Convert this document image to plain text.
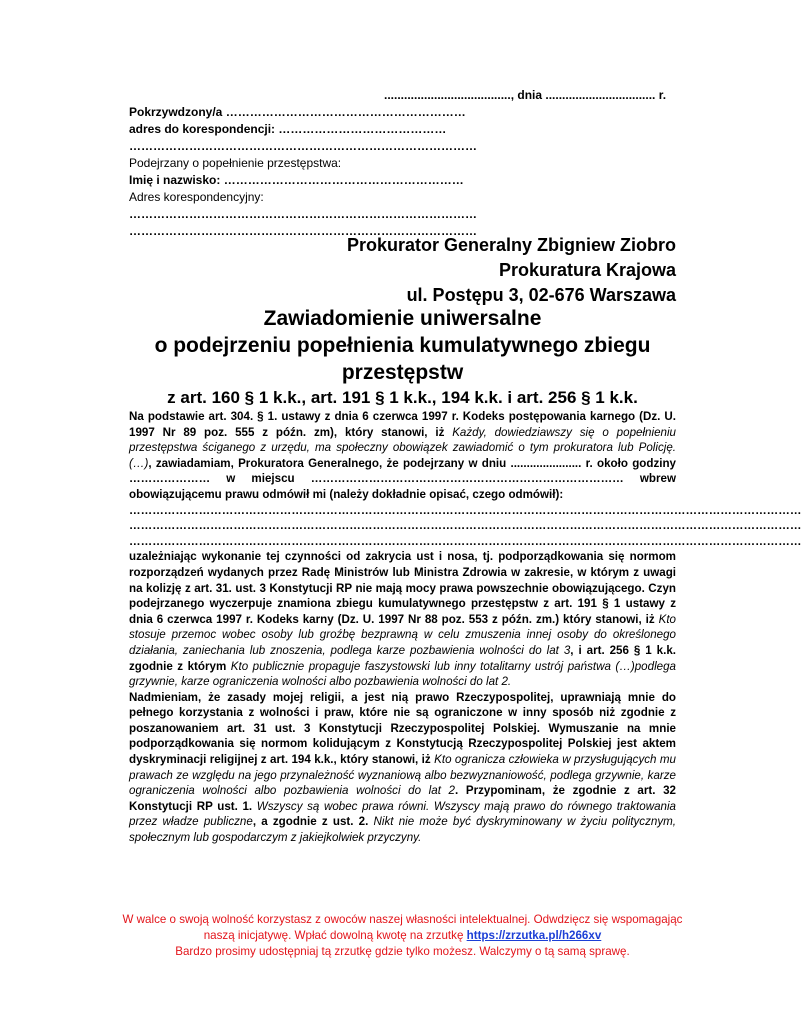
......................................, dnia ................................. r.
Pokrzywdzony/a ……………………………………………………
adres do korespondencji: ……………………………………
……………………………………………………………………………
Podejrzany o popełnienie przestępstwa:
Imię i nazwisko: ……………………………………………………
Adres korespondencyjny:
……………………………………………………………………………
……………………………………………………………………………
Prokurator Generalny Zbigniew Ziobro
Prokuratura Krajowa
ul. Postępu 3, 02-676 Warszawa
Zawiadomienie uniwersalne
o podejrzeniu popełnienia kumulatywnego zbiegu
przestępstw
z art. 160 § 1 k.k., art. 191 § 1 k.k., 194 k.k. i art. 256 § 1 k.k.

Na podstawie art. 304. § 1. ustawy z dnia 6 czerwca 1997 r. Kodeks postępowania karnego (Dz. U. 1997 Nr 89 poz. 555 z późn. zm), który stanowi, iż Każdy, dowiedziawszy się o popełnieniu przestępstwa ściganego z urzędu, ma społeczny obowiązek zawiadomić o tym prokuratora lub Policję.(…), zawiadamiam, Prokuratora Generalnego, że podejrzany w dniu ...................... r. około godziny ………………… w miejscu ……………………………………………………………………… wbrew obowiązującemu prawu odmówił mi (należy dokładnie opisać, czego odmówił):

…………………………………………………………………………………………………………………………………………………………
…………………………………………………………………………………………………………………………………………………………
…………………………………………………………………………………………………………………………………………………………

uzależniając wykonanie tej czynności od zakrycia ust i nosa, tj. podporządkowania się normom rozporządzeń wydanych przez Radę Ministrów lub Ministra Zdrowia w zakresie, w którym z uwagi na kolizję z art. 31. ust. 3 Konstytucji RP nie mają mocy prawa powszechnie obowiązującego. Czyn podejrzanego wyczerpuje znamiona zbiegu kumulatywnego przestępstw z art. 191 § 1 ustawy z dnia 6 czerwca 1997 r. Kodeks karny (Dz. U. 1997 Nr 88 poz. 553 z późn. zm.) który stanowi, iż Kto stosuje przemoc wobec osoby lub groźbę bezprawną w celu zmuszenia innej osoby do określonego działania, zaniechania lub znoszenia, podlega karze pozbawienia wolności do lat 3, i art. 256 § 1 k.k. zgodnie z którym Kto publicznie propaguje faszystowski lub inny totalitarny ustrój państwa (…)podlega grzywnie, karze ograniczenia wolności albo pozbawienia wolności do lat 2.

Nadmieniam, że zasady mojej religii, a jest nią prawo Rzeczypospolitej, uprawniają mnie do pełnego korzystania z wolności i praw, które nie są ograniczone w inny sposób niż zgodnie z poszanowaniem art. 31 ust. 3 Konstytucji Rzeczypospolitej Polskiej. Wymuszanie na mnie podporządkowania się normom kolidującym z Konstytucją Rzeczypospolitej Polskiej jest aktem dyskryminacji religijnej z art. 194 k.k., który stanowi, iż Kto ogranicza człowieka w przysługujących mu prawach ze względu na jego przynależność wyznaniową albo bezwyznaniowość, podlega grzywnie, karze ograniczenia wolności albo pozbawienia wolności do lat 2. Przypominam, że zgodnie z art. 32 Konstytucji RP ust. 1. Wszyscy są wobec prawa równi. Wszyscy mają prawo do równego traktowania przez władze publiczne, a zgodnie z ust. 2. Nikt nie może być dyskryminowany w życiu politycznym, społecznym lub gospodarczym z jakiejkolwiek przyczyny.

W walce o swoją wolność korzystasz z owoców naszej własności intelektualnej. Odwdzięcz się wspomagając naszą inicjatywę. Wpłać dowolną kwotę na zrzutkę https://zrzutka.pl/h266xv
Bardzo prosimy udostępniaj tą zrzutkę gdzie tylko możesz. Walczymy o tą samą sprawę.
